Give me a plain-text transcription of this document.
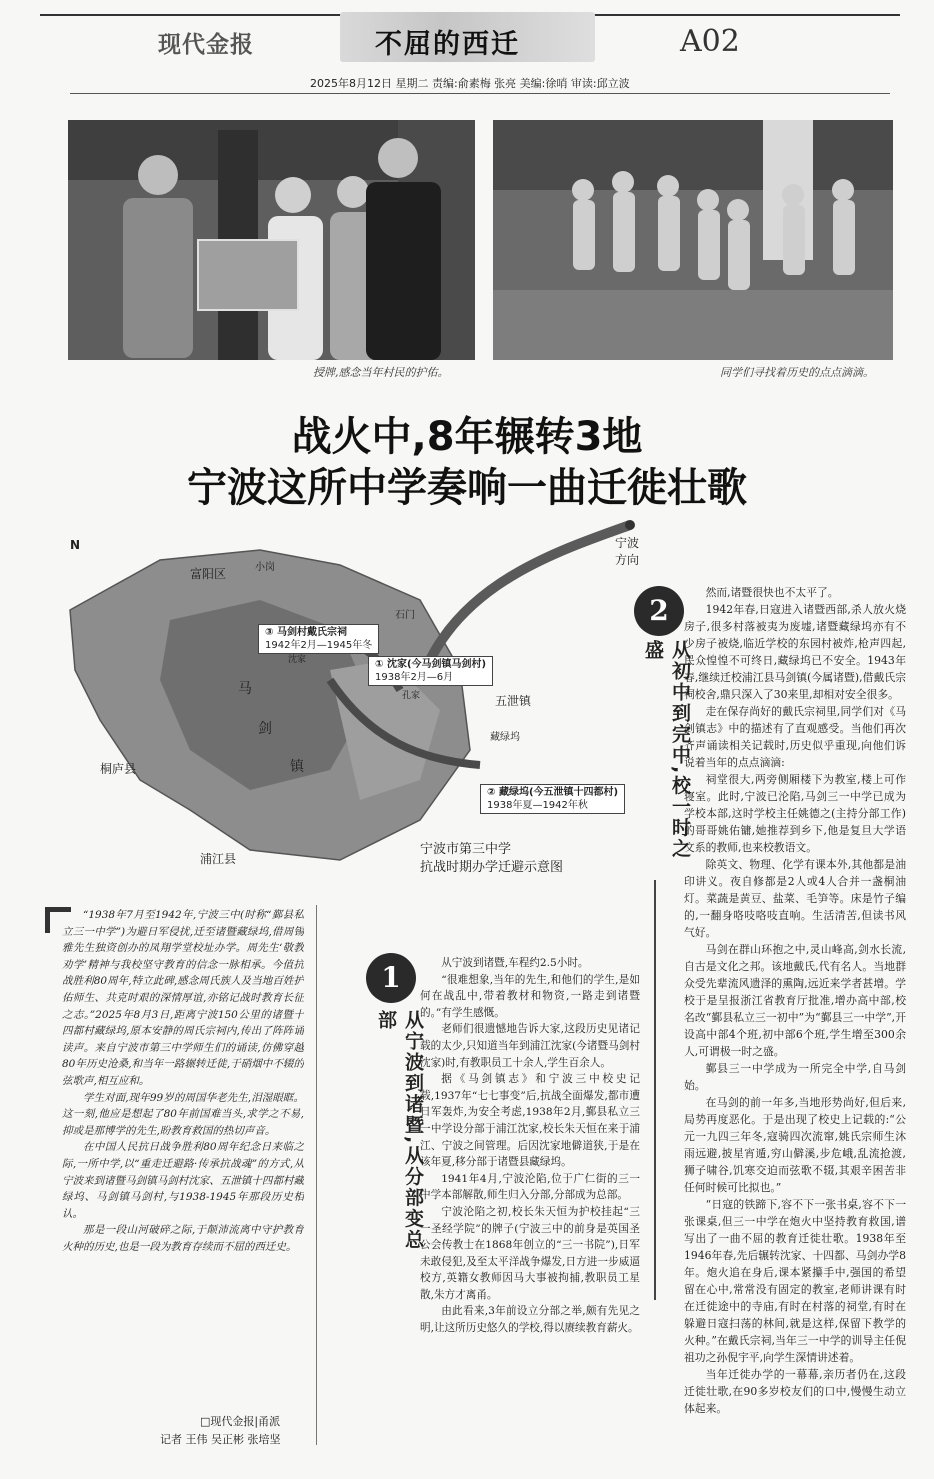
现代金报	不屈的西迁	A02
2025年8月12日 星期二 责编:俞素梅 张亮 美编:徐哨 审读:邱立波
授牌,感念当年村民的护佑。	同学们寻找着历史的点点滴滴。
战火中,8年辗转3地
宁波这所中学奏响一曲迁徙壮歌
N	宁波方向
富阳区	小岗
石门
桐庐县
浦江县
五泄镇
马
剑
镇
沈家
藏绿坞
孔家
③ 马剑村戴氏宗祠
1942年2月—1945年冬
① 沈家(今马剑镇马剑村)
1938年2月—6月
② 藏绿坞(今五泄镇十四都村)
1938年夏—1942年秋
宁波市第三中学
抗战时期办学迁避示意图
2
从初中到完中,校一时之盛

然而,诸暨很快也不太平了。

1942年春,日寇进入诸暨西部,杀人放火烧房子,很多村落被夷为废墟,诸暨藏绿坞亦有不少房子被烧,临近学校的东园村被炸,枪声四起,民众惶惶不可终日,藏绿坞已不安全。1943年春,继续迁校浦江县马剑镇(今属诸暨),借戴氏宗祠校舍,鼎只深入了30来里,却相对安全很多。

走在保存尚好的戴氏宗祠里,同学们对《马剑镇志》中的描述有了直观感受。当他们再次齐声诵读相关记载时,历史似乎重现,向他们诉说着当年的点点滴滴:

祠堂很大,两旁侧厢楼下为教室,楼上可作寝室。此时,宁波已沦陷,马剑三一中学已成为学校本部,这时学校主任姚德之(主持分部工作)的哥哥姚佑镛,她推荐到乡下,他是复旦大学语文系的教师,也来校教语文。

除英文、物理、化学有课本外,其他都是油印讲义。夜自修都是2人或4人合并一盏桐油灯。菜蔬是黄豆、盐菜、毛笋等。床是竹子编的,一翻身咯吱咯吱直响。生活清苦,但读书风气好。

马剑在群山环抱之中,灵山峰高,剑水长流,自古是文化之邦。该地戴氏,代有名人。当地群众受先辈流风遗泽的熏陶,远近来学者甚增。学校于是呈报浙江省教育厅批准,增办高中部,校名改“鄞县私立三一初中”为“鄞县三一中学”,开设高中部4个班,初中部6个班,学生增至300余人,可谓极一时之盛。

鄞县三一中学成为一所完全中学,自马剑始。

在马剑的前一年多,当地形势尚好,但后来,局势再度恶化。于是出现了校史上记载的:“公元一九四三年冬,寇骑四次流窜,姚氏宗师生沐雨远避,披星宵遁,穷山僻溪,步危峨,乱流抢渡,狮子啸谷,饥寒交迫而弦歌不辍,其艰辛困苦非任何时候可比拟也。”

“日寇的铁蹄下,容不下一张书桌,容不下一张课桌,但三一中学在炮火中坚持教育救国,谱写出了一曲不屈的教育迁徙壮歌。1938年至1946年春,先后辗转沈家、十四都、马剑办学8年。炮火追在身后,课本紧攥手中,强国的希望留在心中,常常没有固定的教室,老师讲课有时在迁徙途中的寺庙,有时在村落的祠堂,有时在躲避日寇扫荡的林间,就是这样,保留下教学的火种。”在戴氏宗祠,当年三一中学的训导主任倪祖功之孙倪宇平,向学生深情讲述着。

当年迁徙办学的一幕幕,亲历者仍在,这段迁徙壮歌,在90多岁校友们的口中,慢慢生动立体起来。

“1938年7月至1942年,宁波三中(时称“鄞县私立三一中学”)为避日军侵扰,迁至诸暨藏绿坞,借周锡雅先生独资创办的凤翔学堂校址办学。周先生‘敬教劝学’精神与我校坚守教育的信念一脉相承。今值抗战胜利80周年,特立此碑,感念周氏族人及当地百姓护佑师生、共克时艰的深情厚谊,亦铭记战时教育长征之志。”2025年8月3日,距离宁波150公里的诸暨十四都村藏绿坞,原本安静的周氏宗祠内,传出了阵阵诵读声。来自宁波市第三中学师生们的诵读,仿佛穿越80年历史沧桑,和当年一路辗转迁徙,于硝烟中不辍的弦歌声,相互应和。

学生对面,现年99岁的周国华老先生,泪湿眼眶。这一刻,他应是想起了80年前国难当头,求学之不易,抑或是那博学的先生,盼教育救国的热切声音。

在中国人民抗日战争胜利80周年纪念日来临之际,一所中学,以“重走迁避路·传承抗战魂”的方式,从宁波来到诸暨马剑镇马剑村沈家、五泄镇十四都村藏绿坞、马剑镇马剑村,与1938-1945年那段历史相认。

那是一段山河破碎之际,于颠沛流离中守护教育火种的历史,也是一段为教育存续而不屈的西迁史。

□现代金报|甬派
记者 王伟 吴正彬 张培坚
1
从宁波到诸暨,从分部变总部

从宁波到诸暨,车程约2.5小时。

“很难想象,当年的先生,和他们的学生,是如何在战乱中,带着教材和物资,一路走到诸暨的。”有学生感慨。

老师们很遗憾地告诉大家,这段历史见诸记载的太少,只知道当年到浦江沈家(今诸暨马剑村沈家)时,有教职员工十余人,学生百余人。

据《马剑镇志》和宁波三中校史记载,1937年“七七事变”后,抗战全面爆发,都市遭日军轰炸,为安全考虑,1938年2月,鄞县私立三一中学设分部于浦江沈家,校长朱天恒在来于浦江、宁波之间管理。后因沈家地僻道狭,于是在该年夏,移分部于诸暨县藏绿坞。

1941年4月,宁波沦陷,位于广仁街的三一中学本部解散,师生归入分部,分部成为总部。

宁波沦陷之初,校长朱天恒为护校挂起“三一圣经学院”的牌子(宁波三中的前身是英国圣公会传教士在1868年创立的“三一书院”),日军未敢侵犯,及至太平洋战争爆发,日方进一步威逼校方,英籍女教师因马大事被拘捕,教职员工星散,朱方才离甬。

由此看来,3年前设立分部之举,颇有先见之明,让这所历史悠久的学校,得以赓续教育薪火。
